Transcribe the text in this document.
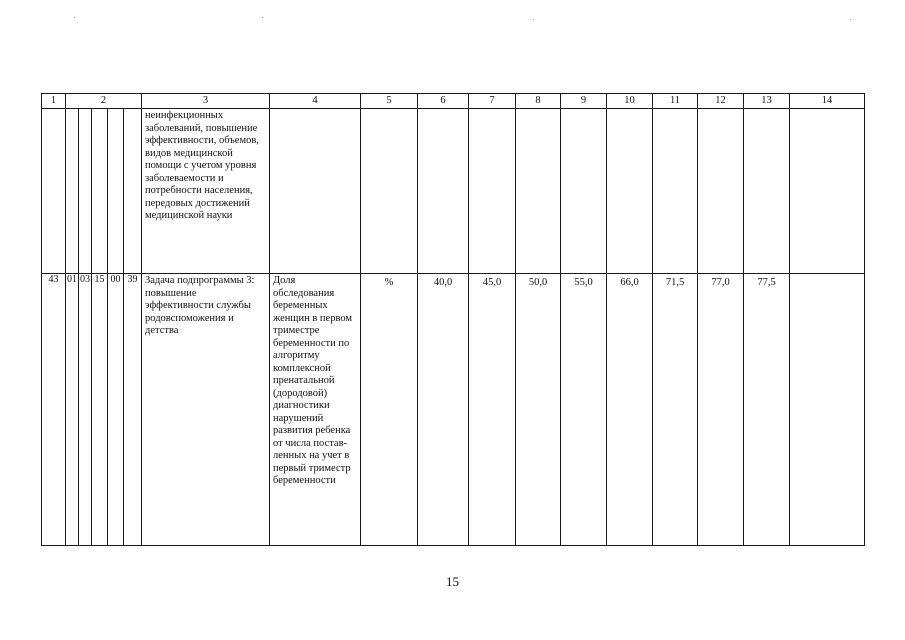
1	2					3	4	5	6	7	8	9	10	11	12	13	14
						неинфекционных заболеваний, повышение эффективности, объемов, видов медицинской помощи с учетом уровня заболеваемости и потребности населения, передовых достижений медицинской науки											
43	01	03	15	00	39	Задача подпрограммы 3: повышение эффективности службы родовспоможения и детства	Доля обследования беременных женщин в первом триместре беременности по алгоритму комплексной пренатальной (дородовой) диагностики нарушений развития ребенка от числа постав-ленных на учет в первый триместр беременности	%	40,0	45,0	50,0	55,0	66,0	71,5	77,0	77,5	
15
